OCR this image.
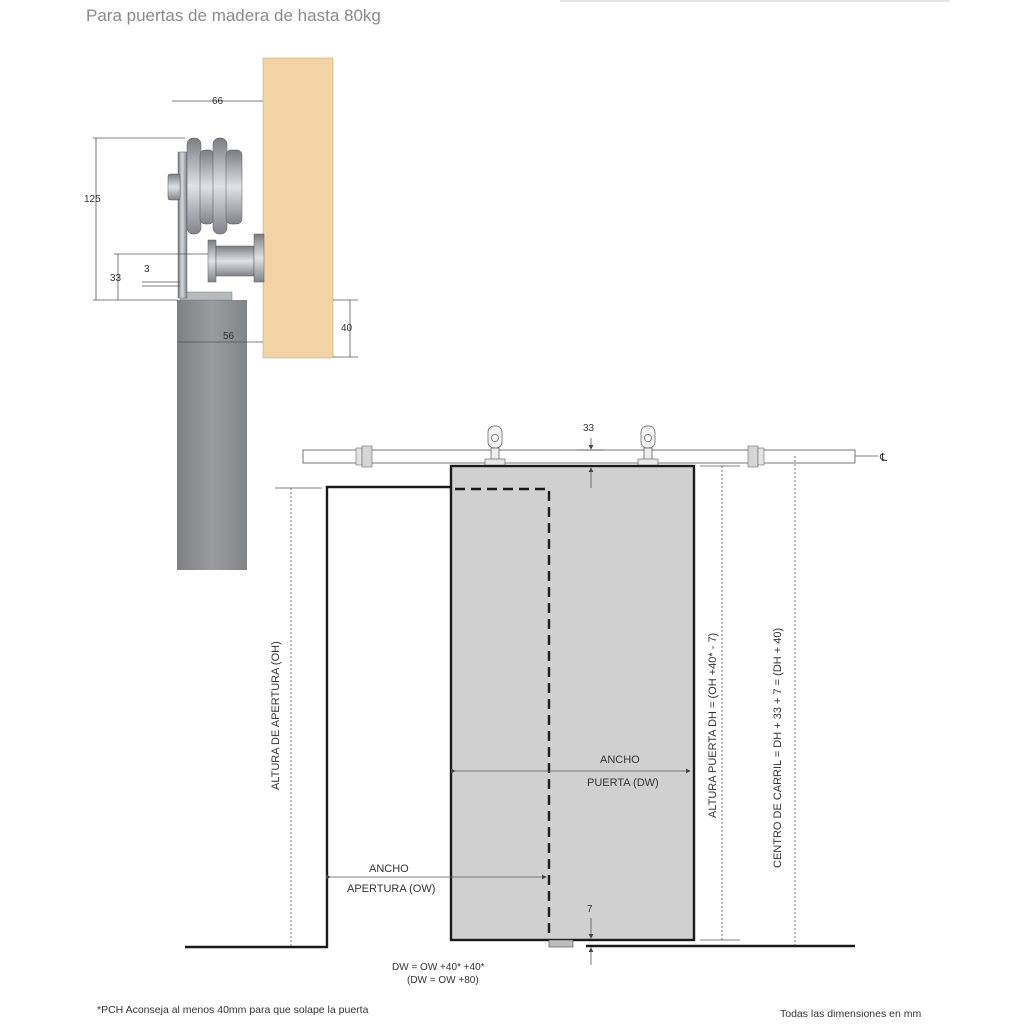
Para puertas de madera de hasta 80kg
66
125
33
3
40
56
℄
33
ANCHO
PUERTA (DW)
ANCHO
APERTURA (OW)
ALTURA DE APERTURA (OH)	ALTURA PUERTA DH = (OH +40* - 7)	CENTRO DE CARRIL = DH + 33 + 7 = (DH + 40)
7
DW = OW +40* +40*
(DW = OW +80)
*PCH Aconseja al menos 40mm para que solape la puerta	Todas las dimensiones en mm
